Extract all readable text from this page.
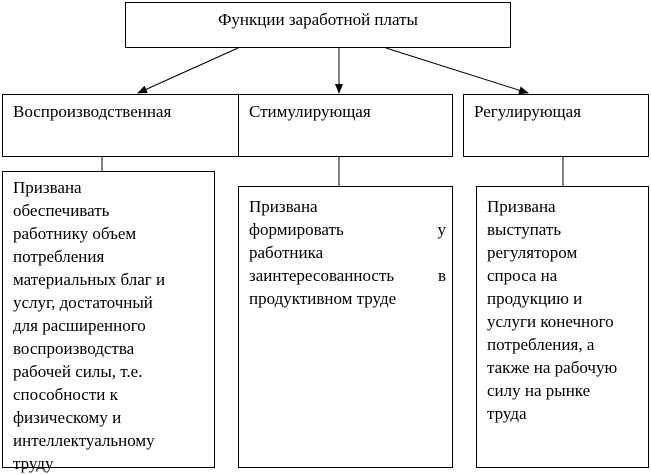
Функции заработной платы
Воспроизводственная	Стимулирующая	Регулирующая
Призвана
обеспечивать
работнику объем
потребления
материальных благ и
услуг, достаточный
для расширенного
воспроизводства
рабочей силы, т.е.
способности к
физическому и
интеллектуальному
труду
Призвана
формировать	у
работника
заинтересованность	в
продуктивном труде
Призвана
выступать
регулятором
спроса на
продукцию и
услуги конечного
потребления, а
также на рабочую
силу на рынке
труда
